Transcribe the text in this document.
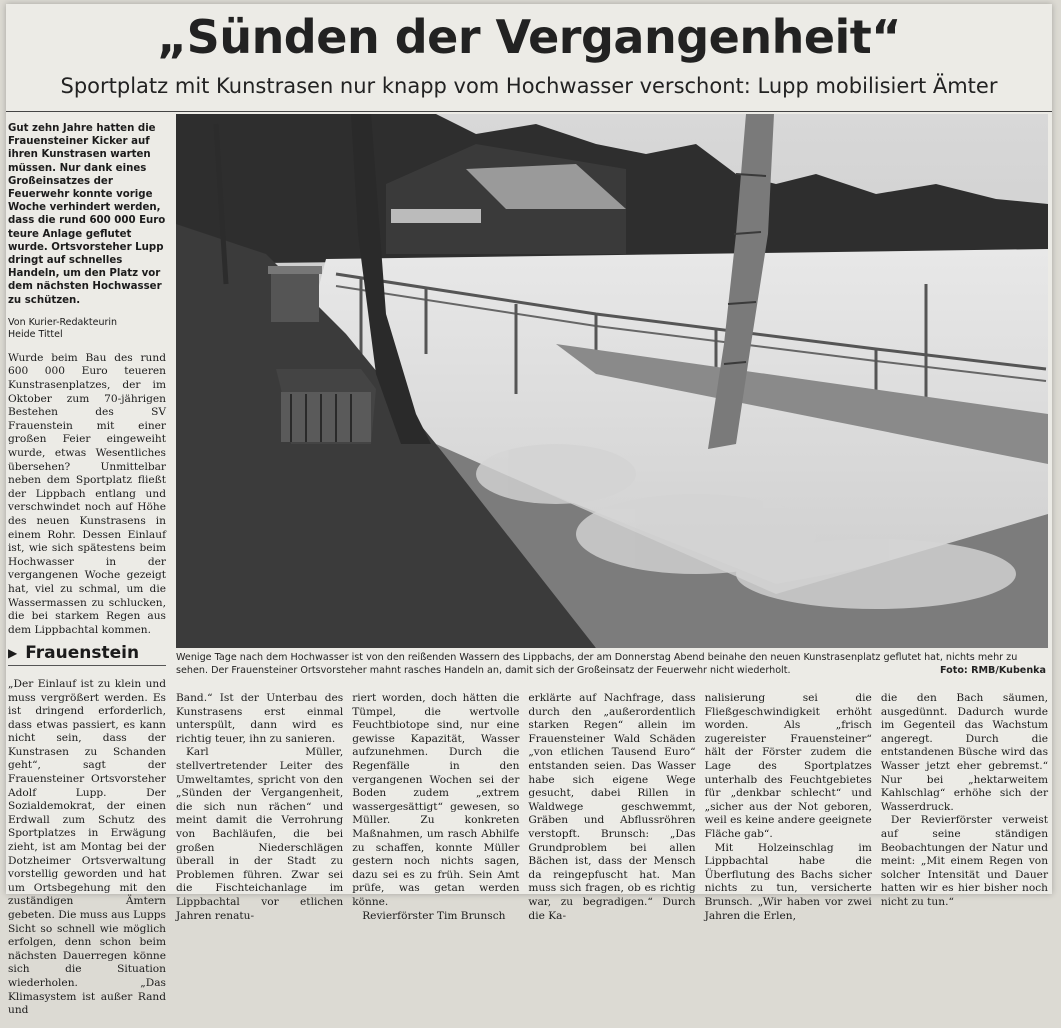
„Sünden der Vergangenheit“
Sportplatz mit Kunstrasen nur knapp vom Hochwasser verschont: Lupp mobilisiert Ämter

Gut zehn Jahre hatten die Frauensteiner Kicker auf ihren Kunstrasen warten müssen. Nur dank eines Großeinsatzes der Feuerwehr konnte vorige Woche verhindert werden, dass die rund 600 000 Euro teure Anlage geflutet wurde. Ortsvorsteher Lupp dringt auf schnelles Handeln, um den Platz vor dem nächsten Hochwasser zu schützen.

Von Kurier-Redakteurin
Heide Tittel

Wurde beim Bau des rund 600 000 Euro teueren Kunstrasenplatzes, der im Oktober zum 70-jährigen Bestehen des SV Frauenstein mit einer großen Feier eingeweiht wurde, etwas Wesentliches übersehen? Unmittelbar neben dem Sportplatz fließt der Lippbach entlang und verschwindet noch auf Höhe des neuen Kunstrasens in einem Rohr. Dessen Einlauf ist, wie sich spätestens beim Hochwasser in der vergangenen Woche gezeigt hat, viel zu schmal, um die Wassermassen zu schlucken, die bei starkem Regen aus dem Lippbachtal kommen.

▶ Frauenstein

„Der Einlauf ist zu klein und muss vergrößert werden. Es ist dringend erforderlich, dass etwas passiert, es kann nicht sein, dass der Kunstrasen zu Schanden geht“, sagt der Frauensteiner Ortsvorsteher Adolf Lupp. Der Sozialdemokrat, der einen Erdwall zum Schutz des Sportplatzes in Erwägung zieht, ist am Montag bei der Dotzheimer Ortsverwaltung vorstellig geworden und hat um Ortsbegehung mit den zuständigen Ämtern gebeten. Die muss aus Lupps Sicht so schnell wie möglich erfolgen, denn schon beim nächsten Dauerregen könne sich die Situation wiederholen. „Das Klimasystem ist außer Rand und

Wenige Tage nach dem Hochwasser ist von den reißenden Wassern des Lippbachs, der am Donnerstag Abend beinahe den neuen Kunstrasenplatz geflutet hat, nichts mehr zu sehen. Der Frauensteiner Ortsvorsteher mahnt rasches Handeln an, damit sich der Großeinsatz der Feuerwehr nicht wiederholt.	Foto: RMB/Kubenka

Band.“ Ist der Unterbau des Kunstrasens erst einmal unterspült, dann wird es richtig teuer, ihn zu sanieren.

Karl Müller, stellvertretender Leiter des Umweltamtes, spricht von den „Sünden der Vergangenheit, die sich nun rächen“ und meint damit die Verrohrung von Bachläufen, die bei großen Niederschlägen überall in der Stadt zu Problemen führen. Zwar sei die Fischteichanlage im Lippbachtal vor etlichen Jahren renatu-

riert worden, doch hätten die Tümpel, die wertvolle Feuchtbiotope sind, nur eine gewisse Kapazität, Wasser aufzunehmen. Durch die Regenfälle in den vergangenen Wochen sei der Boden zudem „extrem wassergesättigt“ gewesen, so Müller. Zu konkreten Maßnahmen, um rasch Abhilfe zu schaffen, konnte Müller gestern noch nichts sagen, dazu sei es zu früh. Sein Amt prüfe, was getan werden könne.

Revierförster Tim Brunsch

erklärte auf Nachfrage, dass durch den „außerordentlich starken Regen“ allein im Frauensteiner Wald Schäden „von etlichen Tausend Euro“ entstanden seien. Das Wasser habe sich eigene Wege gesucht, dabei Rillen in Waldwege geschwemmt, Gräben und Abflussröhren verstopft. Brunsch: „Das Grundproblem bei allen Bächen ist, dass der Mensch da reingepfuscht hat. Man muss sich fragen, ob es richtig war, zu begradigen.“ Durch die Ka-

nalisierung sei die Fließgeschwindigkeit erhöht worden. Als „frisch zugereister Frauensteiner“ hält der Förster zudem die Lage des Sportplatzes unterhalb des Feuchtgebietes für „denkbar schlecht“ und „sicher aus der Not geboren, weil es keine andere geeignete Fläche gab“.

Mit Holzeinschlag im Lippbachtal habe die Überflutung des Bachs sicher nichts zu tun, versicherte Brunsch. „Wir haben vor zwei Jahren die Erlen,

die den Bach säumen, ausgedünnt. Dadurch wurde im Gegenteil das Wachstum angeregt. Durch die entstandenen Büsche wird das Wasser jetzt eher gebremst.“ Nur bei „hektarweitem Kahlschlag“ erhöhe sich der Wasserdruck.

Der Revierförster verweist auf seine ständigen Beobachtungen der Natur und meint: „Mit einem Regen von solcher Intensität und Dauer hatten wir es hier bisher noch nicht zu tun.“
